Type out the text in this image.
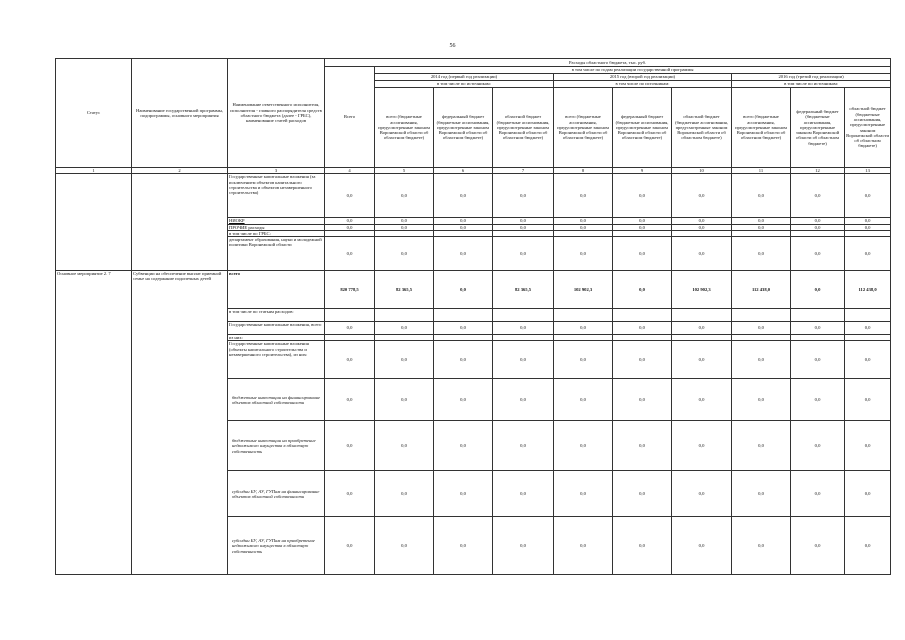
56
Статус	Наименование государственной программы, подпрограммы, основного мероприятия	Наименование ответственного исполнителя, исполнителя - главного распорядителя средств областного бюджета (далее - ГРБС), наименование статей расходов	Расходы областного бюджета, тыс. руб.									
			Всего	в том числе по годам реализации государственной программы								
				2014 год (первый год реализации)			2015 год (второй год реализации)			2016 год (третий год реализации)		
				в том числе по источникам:			в том числе по источникам:			в том числе по источникам:		
				всего (бюджетные ассигнования, предусмотренные законом Воронежской области об областном бюджете)	федеральный бюджет (бюджетные ассигнования, предусмотренные законом Воронежской области об областном бюджете)	областной бюджет (бюджетные ассигнования, предусмотренные законом Воронежской области об областном бюджете)	всего (бюджетные ассигнования, предусмотренные законом Воронежской области об областном бюджете)	федеральный бюджет (бюджетные ассигнования, предусмотренные законом Воронежской области об областном бюджете)	областной бюджет (бюджетные ассигнования, предусмотренные законом Воронежской области об областном бюджете)	всего (бюджетные ассигнования, предусмотренные законом Воронежской области об областном бюджете)	федеральный бюджет (бюджетные ассигнования, предусмотренные законом Воронежской области об областном бюджете)	областной бюджет (бюджетные ассигнования, предусмотренные законом Воронежской области об областном бюджете)
1	2	3	4	5	6	7	8	9	10	11	12	13
		Государственные капитальные вложения (за исключением объектов капитального строительства и объектов незавершенного строительства)	0,0	0,0	0,0	0,0	0,0	0,0	0,0	0,0	0,0	0,0
		НИОКР	0,0	0,0	0,0	0,0	0,0	0,0	0,0	0,0	0,0	0,0
		ПРОЧИЕ расходы	0,0	0,0	0,0	0,0	0,0	0,0	0,0	0,0	0,0	0,0
		в том числе по ГРБС:										
		департамент образования, науки и молодежной политики Воронежской области	0,0	0,0	0,0	0,0	0,0	0,0	0,0	0,0	0,0	0,0
Основное мероприятие 2. 7	Субвенции на обеспечение выплат приемной семье на содержание подопечных детей	всего	820 778,5	82 365,5	0,0	82 365,5	102 902,3	0,0	102 902,3	112 438,0	0,0	112 438,0
		в том числе по статьям расходов:										
		Государственные капитальные вложения, всего	0,0	0,0	0,0	0,0	0,0	0,0	0,0	0,0	0,0	0,0
		из них:										
		Государственные капитальные вложения (объекты капитального строительства и незавершенного строительства), из них:	0,0	0,0	0,0	0,0	0,0	0,0	0,0	0,0	0,0	0,0
		бюджетные инвестиции на финансирование объектов областной собственности	0,0	0,0	0,0	0,0	0,0	0,0	0,0	0,0	0,0	0,0
		бюджетные инвестиции на приобретение недвижимого имущества в областную собственность	0,0	0,0	0,0	0,0	0,0	0,0	0,0	0,0	0,0	0,0
		субсидии БУ, АУ, ГУПам на финансирование объектов областной собственности	0,0	0,0	0,0	0,0	0,0	0,0	0,0	0,0	0,0	0,0
		субсидии БУ, АУ, ГУПам на приобретение недвижимого имущества в областную собственность	0,0	0,0	0,0	0,0	0,0	0,0	0,0	0,0	0,0	0,0
